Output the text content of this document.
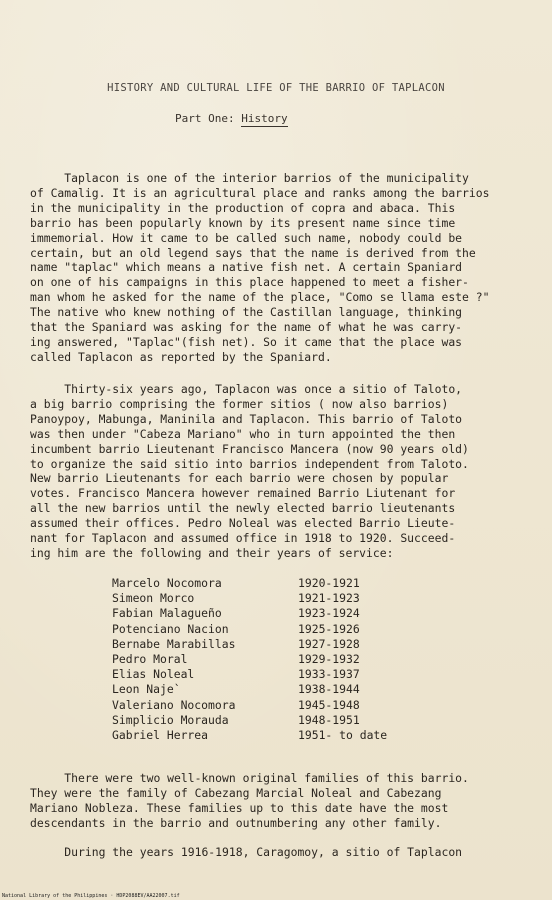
HISTORY AND CULTURAL LIFE OF THE BARRIO OF TAPLACON
Part One: History
Taplacon is one of the interior barrios of the municipality
of Camalig. It is an agricultural place and ranks among the barrios
in the municipality in the production of copra and abaca. This
barrio has been popularly known by its present name since time
immemorial. How it came to be called such name, nobody could be
certain, but an old legend says that the name is derived from the
name "taplac" which means a native fish net. A certain Spaniard
on one of his campaigns in this place happened to meet a fisher-
man whom he asked for the name of the place, "Como se llama este ?"
The native who knew nothing of the Castillan language, thinking
that the Spaniard was asking for the name of what he was carry-
ing answered, "Taplac"(fish net). So it came that the place was
called Taplacon as reported by the Spaniard.
Thirty-six years ago, Taplacon was once a sitio of Taloto,
a big barrio comprising the former sitios ( now also barrios)
Panoypoy, Mabunga, Maninila and Taplacon. This barrio of Taloto
was then under "Cabeza Mariano" who in turn appointed the then
incumbent barrio Lieutenant Francisco Mancera (now 90 years old)
to organize the said sitio into barrios independent from Taloto.
New barrio Lieutenants for each barrio were chosen by popular
votes. Francisco Mancera however remained Barrio Liutenant for
all the new barrios until the newly elected barrio lieutenants
assumed their offices. Pedro Noleal was elected Barrio Lieute-
nant for Taplacon and assumed office in 1918 to 1920. Succeed-
ing him are the following and their years of service:
Marcelo Nocomora	1920-1921
Simeon Morco	1921-1923
Fabian Malagueño	1923-1924
Potenciano Nacion	1925-1926
Bernabe Marabillas	1927-1928
Pedro Moral	1929-1932
Elias Noleal	1933-1937
Leon Naje`	1938-1944
Valeriano Nocomora	1945-1948
Simplicio Morauda	1948-1951
Gabriel Herrea	1951- to date
There were two well-known original families of this barrio.
They were the family of Cabezang Marcial Noleal and Cabezang
Mariano Nobleza. These families up to this date have the most
descendants in the barrio and outnumbering any other family.
During the years 1916-1918, Caragomoy, a sitio of Taplacon
National Library of the Philippines · HDP2088EV/AA22007.tif
